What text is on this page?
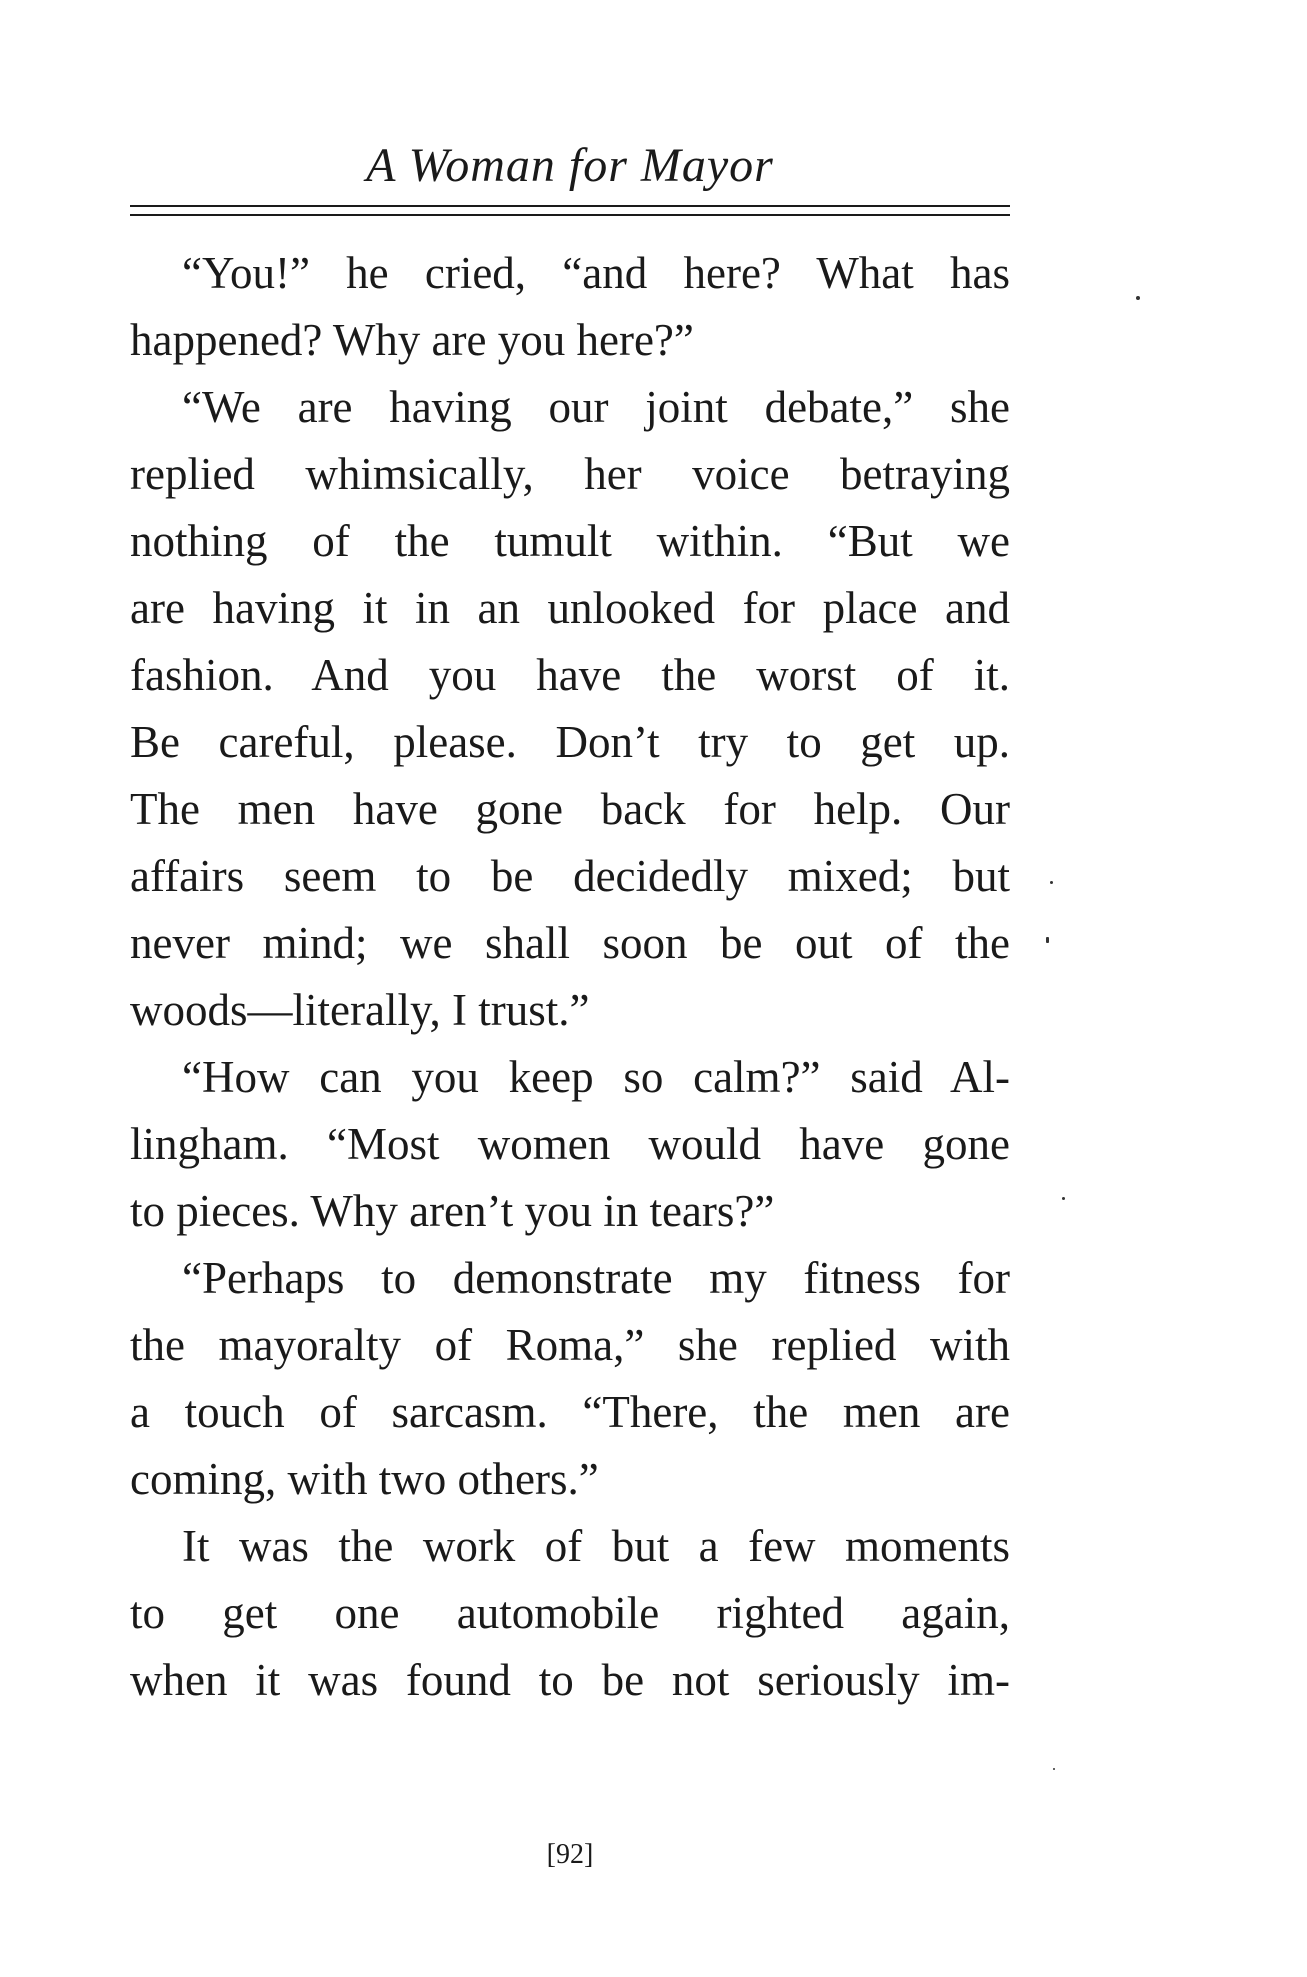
A Woman for Mayor
“You!” he cried, “and here? What has
happened? Why are you here?”
“We are having our joint debate,” she
replied whimsically, her voice betraying
nothing of the tumult within. “But we
are having it in an unlooked for place and
fashion. And you have the worst of it.
Be careful, please. Don’t try to get up.
The men have gone back for help. Our
affairs seem to be decidedly mixed; but
never mind; we shall soon be out of the
woods—literally, I trust.”
“How can you keep so calm?” said Al-
lingham. “Most women would have gone
to pieces. Why aren’t you in tears?”
“Perhaps to demonstrate my fitness for
the mayoralty of Roma,” she replied with
a touch of sarcasm. “There, the men are
coming, with two others.”
It was the work of but a few moments
to get one automobile righted again,
when it was found to be not seriously im-
[92]
